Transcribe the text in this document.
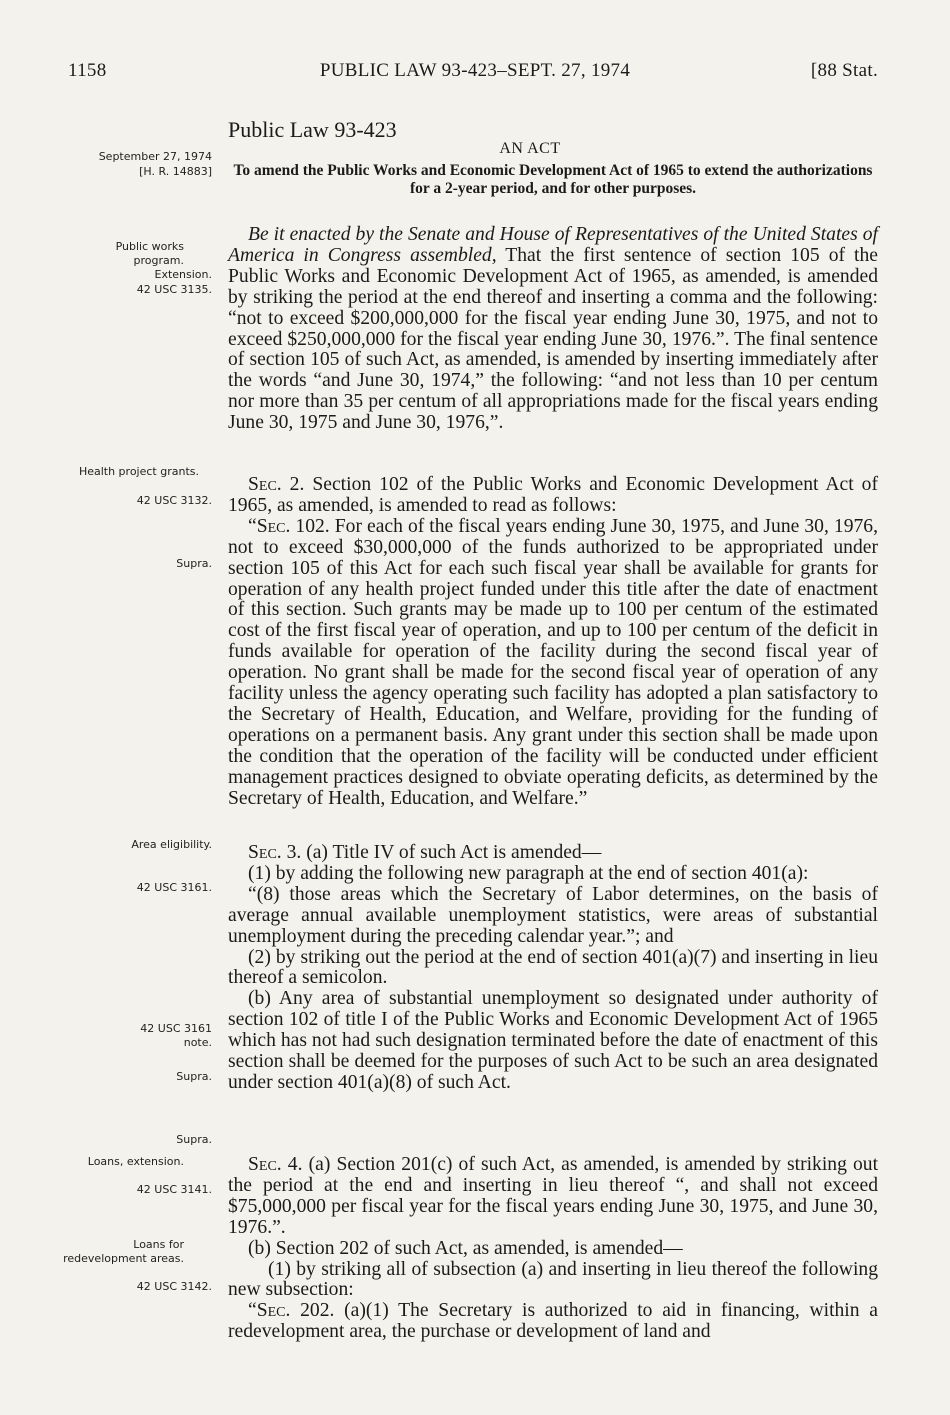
1158	PUBLIC LAW 93-423–SEPT. 27, 1974	[88 Stat.
Public Law 93-423
AN ACT
To amend the Public Works and Economic Development Act of 1965 to extend the authorizations for a 2-year period, and for other purposes.
September 27, 1974
[H. R. 14883]
Public works program.
Extension.
42 USC 3135.
Health project grants.
42 USC 3132.
Supra.
Area eligibility.
42 USC 3161.
42 USC 3161
note.
Supra.
Supra.
Loans, extension.
42 USC 3141.
Loans for redevelopment areas.
42 USC 3142.

Be it enacted by the Senate and House of Representatives of the United States of America in Congress assembled, That the first sentence of section 105 of the Public Works and Economic Development Act of 1965, as amended, is amended by striking the period at the end thereof and inserting a comma and the following: “not to exceed $200,000,000 for the fiscal year ending June 30, 1975, and not to exceed $250,000,000 for the fiscal year ending June 30, 1976.”. The final sentence of section 105 of such Act, as amended, is amended by inserting immediately after the words “and June 30, 1974,” the following: “and not less than 10 per centum nor more than 35 per centum of all appropriations made for the fiscal years ending June 30, 1975 and June 30, 1976,”.

Sec. 2. Section 102 of the Public Works and Economic Development Act of 1965, as amended, is amended to read as follows:

“Sec. 102. For each of the fiscal years ending June 30, 1975, and June 30, 1976, not to exceed $30,000,000 of the funds authorized to be appropriated under section 105 of this Act for each such fiscal year shall be available for grants for operation of any health project funded under this title after the date of enactment of this section. Such grants may be made up to 100 per centum of the estimated cost of the first fiscal year of operation, and up to 100 per centum of the deficit in funds available for operation of the facility during the second fiscal year of operation. No grant shall be made for the second fiscal year of operation of any facility unless the agency operating such facility has adopted a plan satisfactory to the Secretary of Health, Education, and Welfare, providing for the funding of operations on a permanent basis. Any grant under this section shall be made upon the condition that the operation of the facility will be conducted under efficient management practices designed to obviate operating deficits, as determined by the Secretary of Health, Education, and Welfare.”

Sec. 3. (a) Title IV of such Act is amended—

(1) by adding the following new paragraph at the end of section 401(a):

“(8) those areas which the Secretary of Labor determines, on the basis of average annual available unemployment statistics, were areas of substantial unemployment during the preceding calendar year.”; and

(2) by striking out the period at the end of section 401(a)(7) and inserting in lieu thereof a semicolon.

(b) Any area of substantial unemployment so designated under authority of section 102 of title I of the Public Works and Economic Development Act of 1965 which has not had such designation terminated before the date of enactment of this section shall be deemed for the purposes of such Act to be such an area designated under section 401(a)(8) of such Act.

Sec. 4. (a) Section 201(c) of such Act, as amended, is amended by striking out the period at the end and inserting in lieu thereof “, and shall not exceed $75,000,000 per fiscal year for the fiscal years ending June 30, 1975, and June 30, 1976.”.

(b) Section 202 of such Act, as amended, is amended—

(1) by striking all of subsection (a) and inserting in lieu thereof the following new subsection:

“Sec. 202. (a)(1) The Secretary is authorized to aid in financing, within a redevelopment area, the purchase or development of land and
